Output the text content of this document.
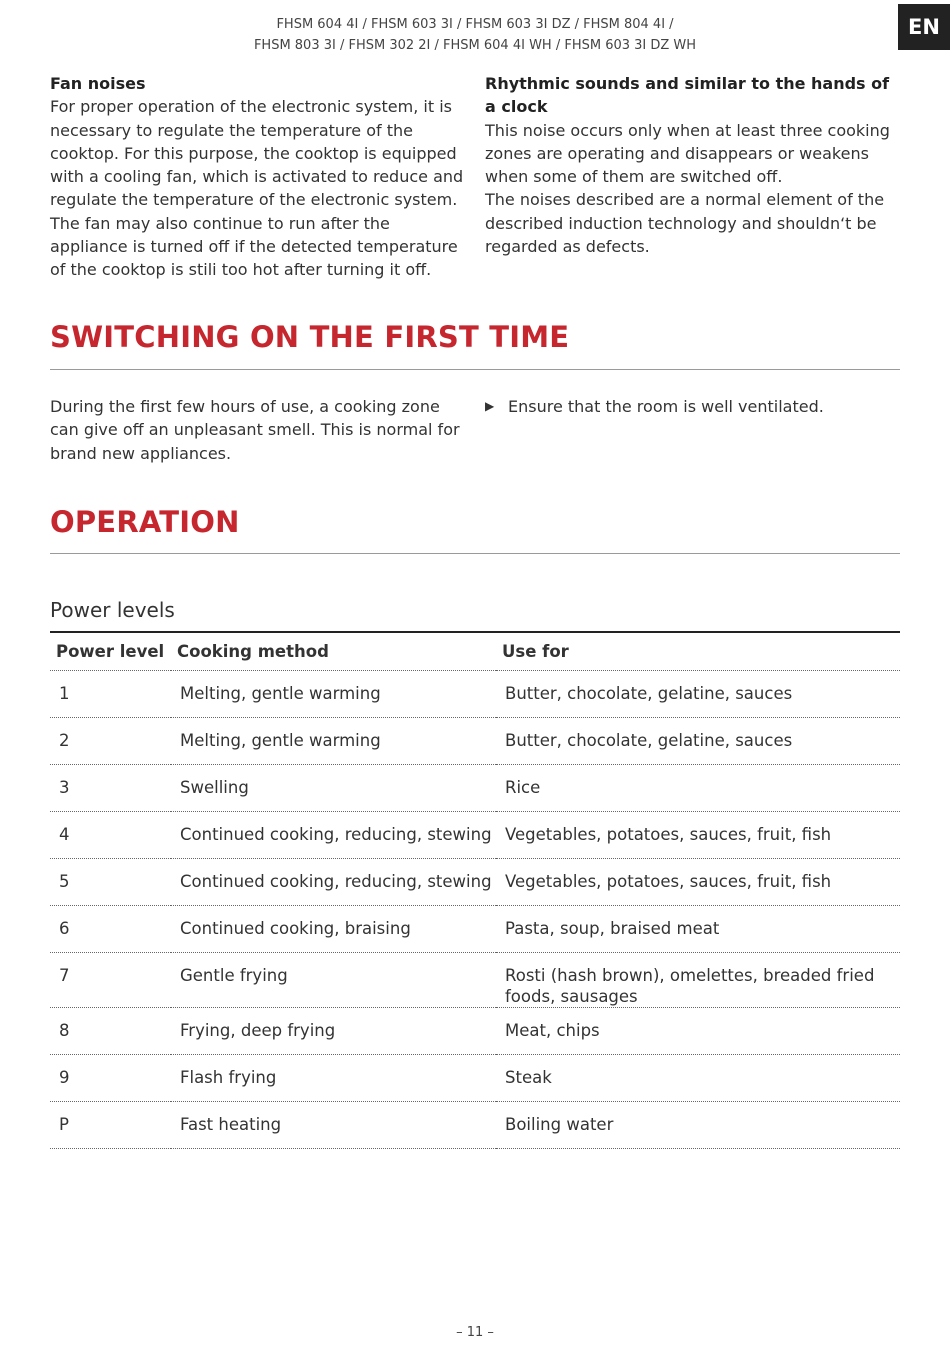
FHSM 604 4I / FHSM 603 3I / FHSM 603 3I DZ / FHSM 804 4I /
FHSM 803 3I / FHSM 302 2I / FHSM 604 4I WH / FHSM 603 3I DZ WH
EN
Fan noises

For proper operation of the electronic system, it is necessary to regulate the temperature of the cooktop. For this purpose, the cooktop is equipped with a cooling fan, which is activated to reduce and regulate the temperature of the electronic system. The fan may also continue to run after the appliance is turned off if the detected temperature of the cooktop is stili too hot after turning it off.

Rhythmic sounds and similar to the hands of a clock

This noise occurs only when at least three cooking zones are operating and disappears or weakens when some of them are switched off.

The noises described are a normal element of the described induction technology and shouldn‘t be regarded as defects.

SWITCHING ON THE FIRST TIME

During the first few hours of use, a cooking zone can give off an unpleasant smell. This is normal for brand new appliances.

▶ Ensure that the room is well ventilated.
OPERATION
Power levels
Power level	Cooking method	Use for
1	Melting, gentle warming	Butter, chocolate, gelatine, sauces
2	Melting, gentle warming	Butter, chocolate, gelatine, sauces
3	Swelling	Rice
4	Continued cooking, reducing, stewing	Vegetables, potatoes, sauces, fruit, fish
5	Continued cooking, reducing, stewing	Vegetables, potatoes, sauces, fruit, fish
6	Continued cooking, braising	Pasta, soup, braised meat
7	Gentle frying	Rosti (hash brown), omelettes, breaded fried foods, sausages
8	Frying, deep frying	Meat, chips
9	Flash frying	Steak
P	Fast heating	Boiling water
– 11 –
